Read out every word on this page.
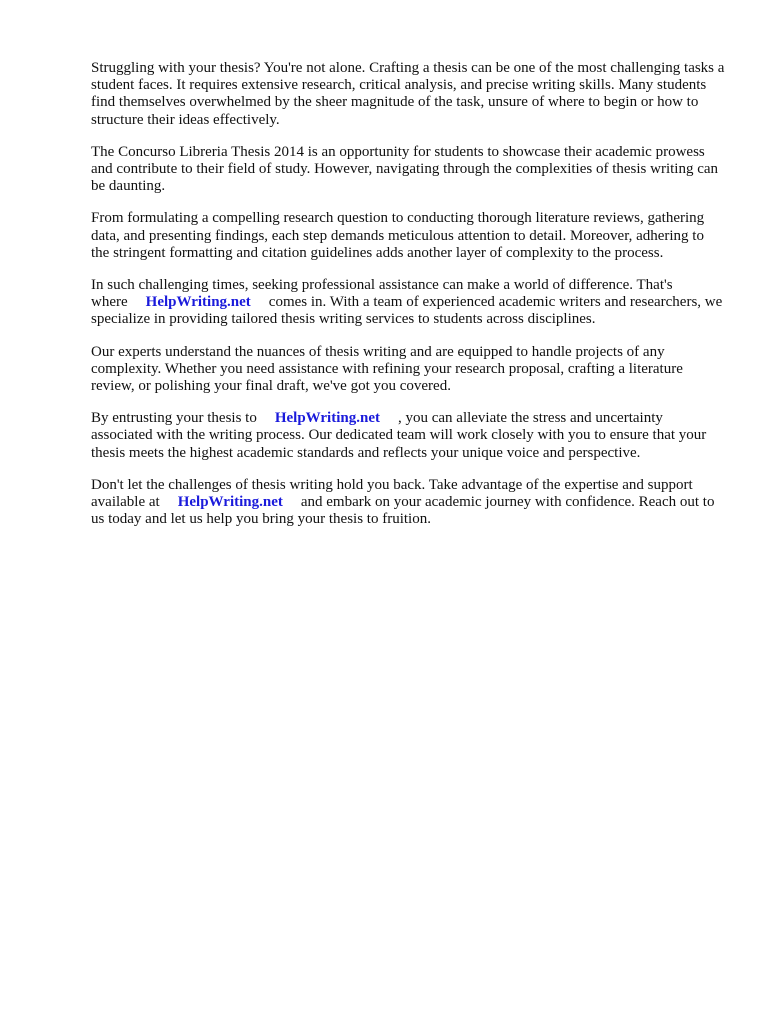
Struggling with your thesis? You're not alone. Crafting a thesis can be one of the most challenging tasks a student faces. It requires extensive research, critical analysis, and precise writing skills. Many students find themselves overwhelmed by the sheer magnitude of the task, unsure of where to begin or how to structure their ideas effectively.

The Concurso Libreria Thesis 2014 is an opportunity for students to showcase their academic prowess and contribute to their field of study. However, navigating through the complexities of thesis writing can be daunting.

From formulating a compelling research question to conducting thorough literature reviews, gathering data, and presenting findings, each step demands meticulous attention to detail. Moreover, adhering to the stringent formatting and citation guidelines adds another layer of complexity to the process.

In such challenging times, seeking professional assistance can make a world of difference. That's where HelpWriting.net comes in. With a team of experienced academic writers and researchers, we specialize in providing tailored thesis writing services to students across disciplines.

Our experts understand the nuances of thesis writing and are equipped to handle projects of any complexity. Whether you need assistance with refining your research proposal, crafting a literature review, or polishing your final draft, we've got you covered.

By entrusting your thesis to HelpWriting.net , you can alleviate the stress and uncertainty associated with the writing process. Our dedicated team will work closely with you to ensure that your thesis meets the highest academic standards and reflects your unique voice and perspective.

Don't let the challenges of thesis writing hold you back. Take advantage of the expertise and support available at HelpWriting.net and embark on your academic journey with confidence. Reach out to us today and let us help you bring your thesis to fruition.
